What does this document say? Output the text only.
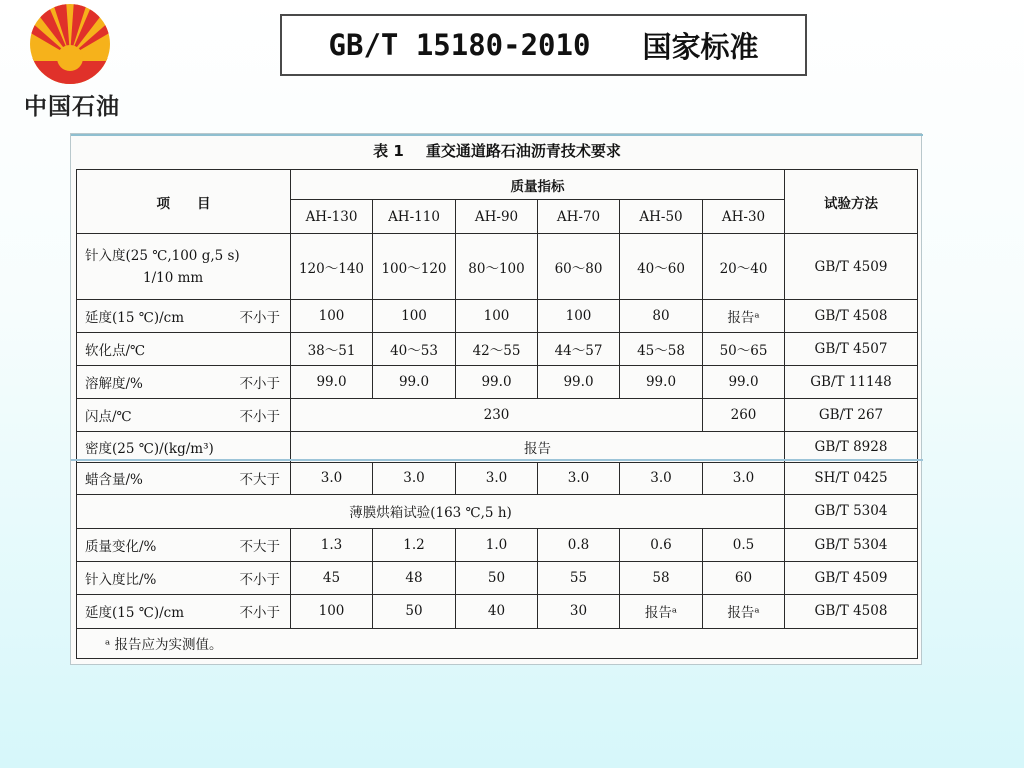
中国石油
GB/T 15180-2010 国家标准
表 1 重交通道路石油沥青技术要求
项　　目	质量指标						试验方法
	AH-130	AH-110	AH-90	AH-70	AH-50	AH-30	
针入度(25 ℃,100 g,5 s)
1/10 mm	120～140	100～120	80～100	60～80	40～60	20～40	GB/T 4509
延度(15 ℃)/cm 不小于	100	100	100	100	80	报告ᵃ	GB/T 4508
软化点/℃	38～51	40～53	42～55	44～57	45～58	50～65	GB/T 4507
溶解度/% 不小于	99.0	99.0	99.0	99.0	99.0	99.0	GB/T 11148
闪点/℃ 不小于	230					260	GB/T 267
密度(25 ℃)/(kg/m³)	报告						GB/T 8928
蜡含量/% 不大于	3.0	3.0	3.0	3.0	3.0	3.0	SH/T 0425
薄膜烘箱试验(163 ℃,5 h)							GB/T 5304
质量变化/% 不大于	1.3	1.2	1.0	0.8	0.6	0.5	GB/T 5304
针入度比/% 不小于	45	48	50	55	58	60	GB/T 4509
延度(15 ℃)/cm 不小于	100	50	40	30	报告ᵃ	报告ᵃ	GB/T 4508
ᵃ 报告应为实测值。							
